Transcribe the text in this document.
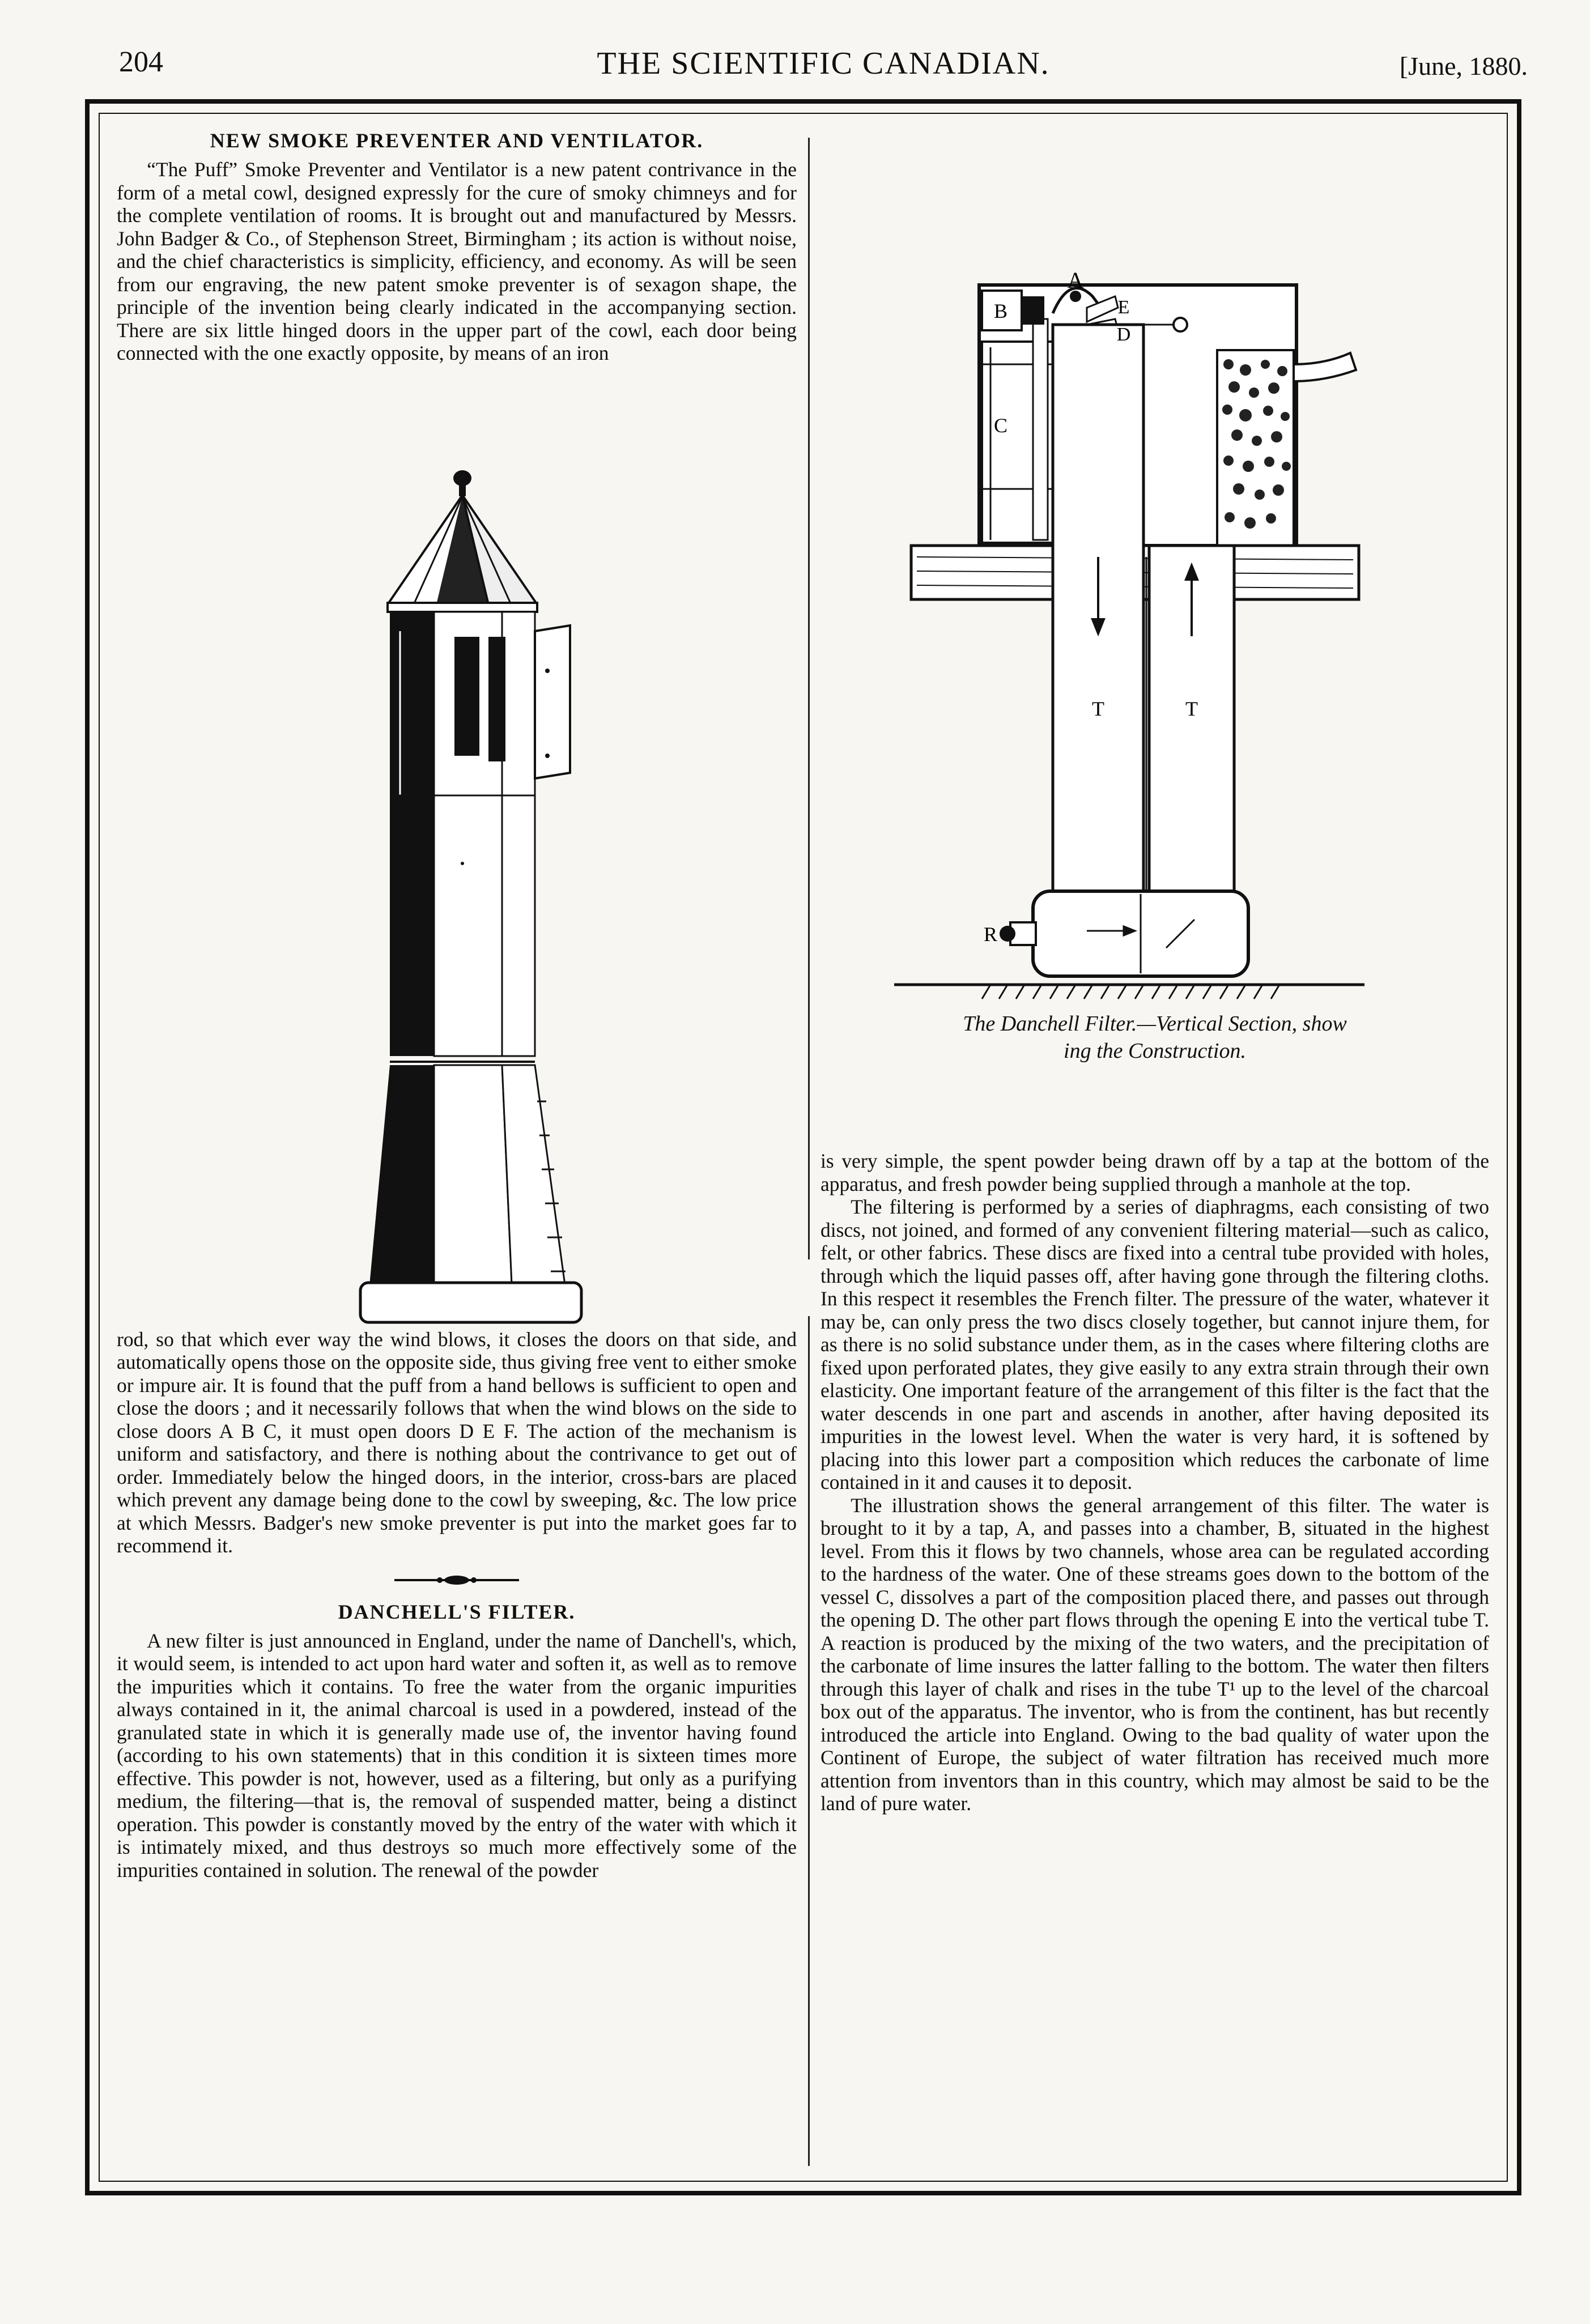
204	THE SCIENTIFIC CANADIAN.	[June, 1880.
NEW SMOKE PREVENTER AND VENTILATOR.

“The Puff” Smoke Preventer and Ventilator is a new patent contrivance in the form of a metal cowl, designed expressly for the cure of smoky chimneys and for the complete ventilation of rooms. It is brought out and manufactured by Messrs. John Badger & Co., of Stephenson Street, Birmingham ; its action is without noise, and the chief characteristics is simplicity, efficiency, and economy. As will be seen from our engraving, the new patent smoke preventer is of sexagon shape, the principle of the invention being clearly indicated in the accompanying section. There are six little hinged doors in the upper part of the cowl, each door being connected with the one exactly opposite, by means of an iron

rod, so that which ever way the wind blows, it closes the doors on that side, and automatically opens those on the opposite side, thus giving free vent to either smoke or impure air. It is found that the puff from a hand bellows is sufficient to open and close the doors ; and it necessarily follows that when the wind blows on the side to close doors A B C, it must open doors D E F. The action of the mechanism is uniform and satisfactory, and there is nothing about the contrivance to get out of order. Immediately below the hinged doors, in the interior, cross-bars are placed which prevent any damage being done to the cowl by sweeping, &c. The low price at which Messrs. Badger's new smoke preventer is put into the market goes far to recommend it.

DANCHELL'S FILTER.

A new filter is just announced in England, under the name of Danchell's, which, it would seem, is intended to act upon hard water and soften it, as well as to remove the impurities which it contains. To free the water from the organic impurities always contained in it, the animal charcoal is used in a powdered, instead of the granulated state in which it is generally made use of, the inventor having found (according to his own statements) that in this condition it is sixteen times more effective. This powder is not, however, used as a filtering, but only as a purifying medium, the filtering—that is, the removal of suspended matter, being a distinct operation. This powder is constantly moved by the entry of the water with which it is intimately mixed, and thus destroys so much more effectively some of the impurities contained in solution. The renewal of the powder

A
B
C
D
E
T	T
R
The Danchell Filter.—Vertical Section, show
ing the Construction.

is very simple, the spent powder being drawn off by a tap at the bottom of the apparatus, and fresh powder being supplied through a manhole at the top.

The filtering is performed by a series of diaphragms, each consisting of two discs, not joined, and formed of any convenient filtering material—such as calico, felt, or other fabrics. These discs are fixed into a central tube provided with holes, through which the liquid passes off, after having gone through the filtering cloths. In this respect it resembles the French filter. The pressure of the water, whatever it may be, can only press the two discs closely together, but cannot injure them, for as there is no solid substance under them, as in the cases where filtering cloths are fixed upon perforated plates, they give easily to any extra strain through their own elasticity. One important feature of the arrangement of this filter is the fact that the water descends in one part and ascends in another, after having deposited its impurities in the lowest level. When the water is very hard, it is softened by placing into this lower part a composition which reduces the carbonate of lime contained in it and causes it to deposit.

The illustration shows the general arrangement of this filter. The water is brought to it by a tap, A, and passes into a chamber, B, situated in the highest level. From this it flows by two channels, whose area can be regulated according to the hardness of the water. One of these streams goes down to the bottom of the vessel C, dissolves a part of the composition placed there, and passes out through the opening D. The other part flows through the opening E into the vertical tube T. A reaction is produced by the mixing of the two waters, and the precipitation of the carbonate of lime insures the latter falling to the bottom. The water then filters through this layer of chalk and rises in the tube T¹ up to the level of the charcoal box out of the apparatus. The inventor, who is from the continent, has but recently introduced the article into England. Owing to the bad quality of water upon the Continent of Europe, the subject of water filtration has received much more attention from inventors than in this country, which may almost be said to be the land of pure water.
